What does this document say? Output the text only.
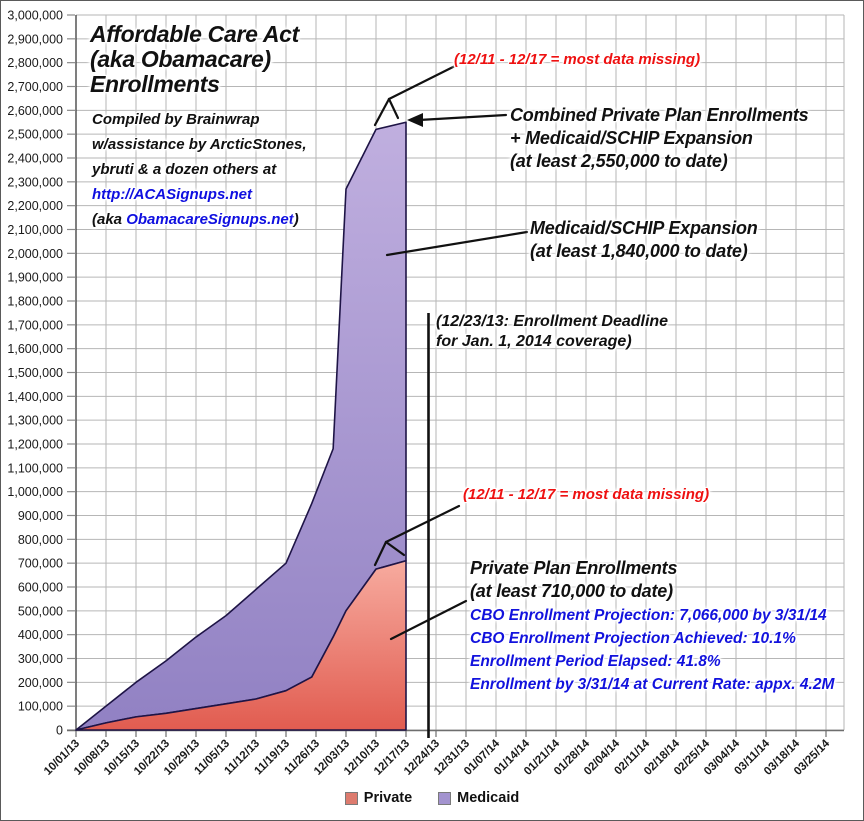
0
100,000
200,000
300,000
400,000
500,000
600,000
700,000
800,000
900,000
1,000,000
1,100,000
1,200,000
1,300,000
1,400,000
1,500,000
1,600,000
1,700,000
1,800,000
1,900,000
2,000,000
2,100,000
2,200,000
2,300,000
2,400,000
2,500,000
2,600,000
2,700,000
2,800,000
2,900,000
3,000,000
10/01/13
10/08/13
10/15/13
10/22/13
10/29/13
11/05/13
11/12/13
11/19/13
11/26/13
12/03/13
12/10/13
12/17/13
12/24/13
12/31/13
01/07/14
01/14/14
01/21/14
01/28/14
02/04/14
02/11/14
02/18/14
02/25/14
03/04/14
03/11/14
03/18/14
03/25/14
Affordable Care Act
(aka Obamacare)
Enrollments
Compiled by Brainwrap
w/assistance by ArcticStones,
ybruti & a dozen others at
http://ACASignups.net
(aka ObamacareSignups.net)
(12/11 - 12/17 = most data missing)
Combined Private Plan Enrollments
+ Medicaid/SCHIP Expansion
(at least 2,550,000 to date)
Medicaid/SCHIP Expansion
(at least 1,840,000 to date)
(12/23/13: Enrollment Deadline
for Jan. 1, 2014 coverage)
(12/11 - 12/17 = most data missing)
Private Plan Enrollments
(at least 710,000 to date)
CBO Enrollment Projection: 7,066,000 by 3/31/14
CBO Enrollment Projection Achieved: 10.1%
Enrollment Period Elapsed: 41.8%
Enrollment by 3/31/14 at Current Rate: appx. 4.2M
Private	Medicaid
